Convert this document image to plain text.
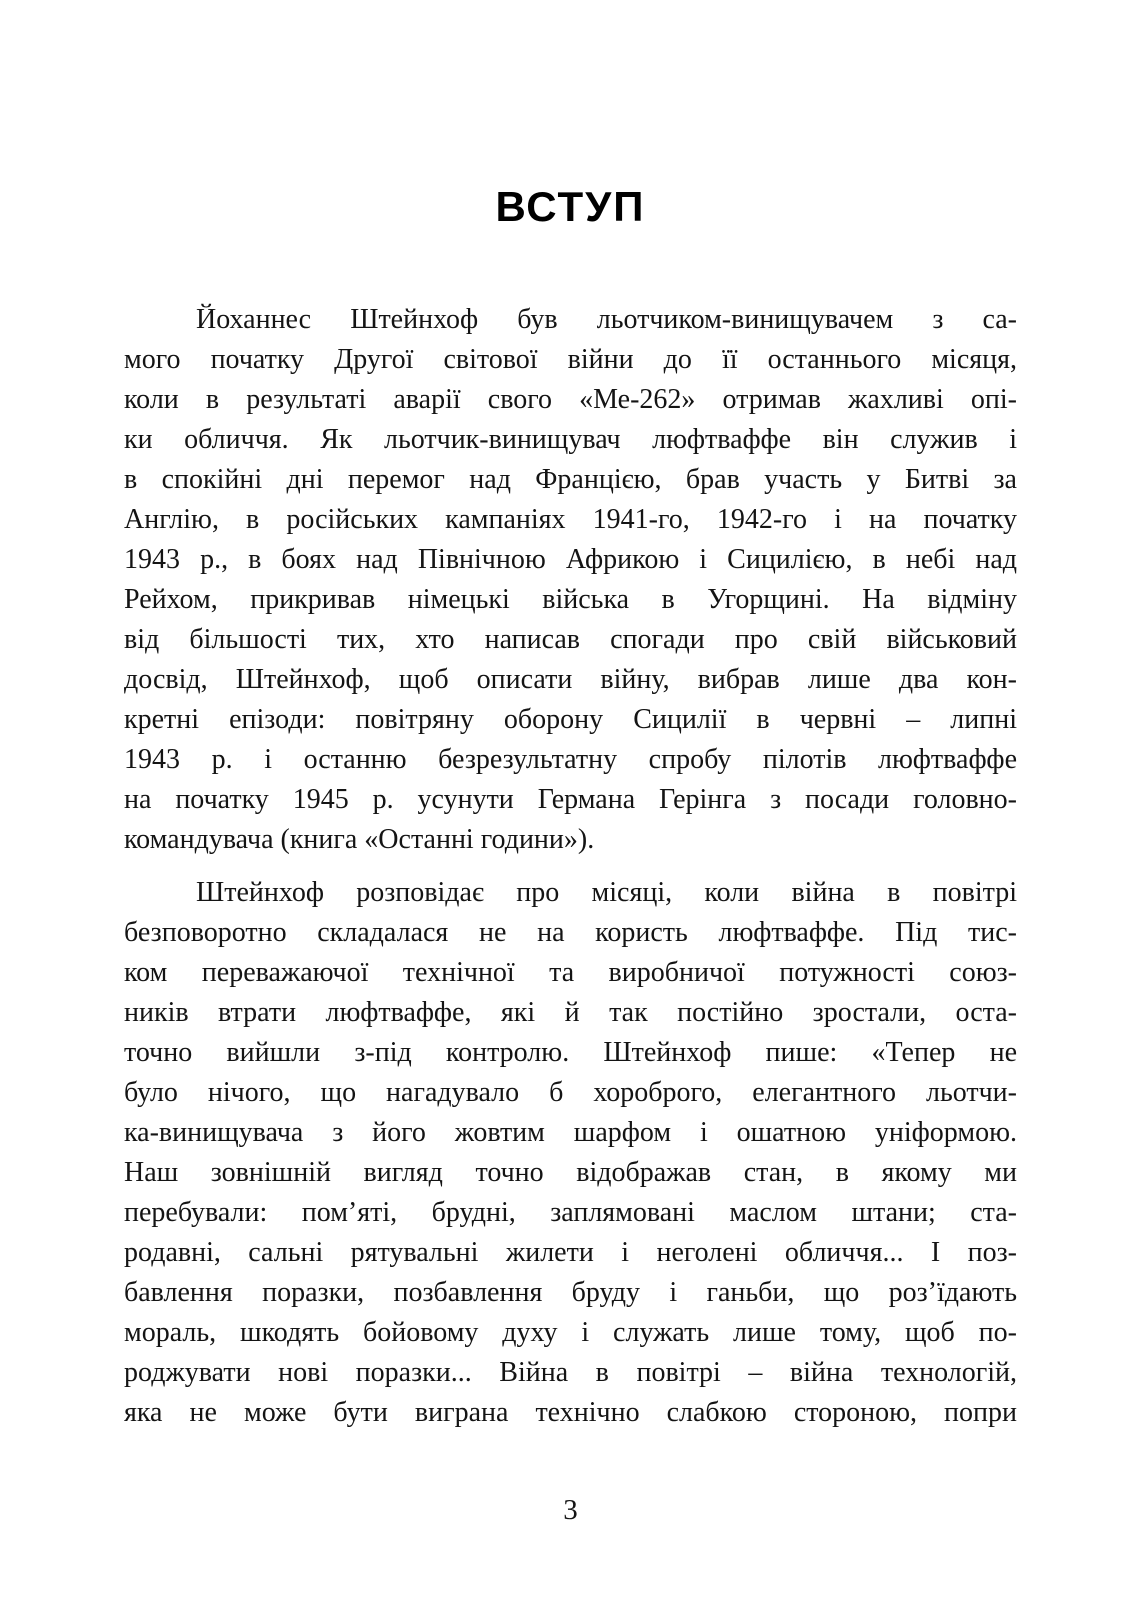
ВСТУП
Йоханнес Штейнхоф був льотчиком-винищувачем з са-
мого початку Другої світової війни до її останнього місяця,
коли в результаті аварії свого «Ме-262» отримав жахливі опі-
ки обличчя. Як льотчик-винищувач люфтваффе він служив і
в спокійні дні перемог над Францією, брав участь у Битві за
Англію, в російських кампаніях 1941-го, 1942-го і на початку
1943 р., в боях над Північною Африкою і Сицилією, в небі над
Рейхом, прикривав німецькі війська в Угорщині. На відміну
від більшості тих, хто написав спогади про свій військовий
досвід, Штейнхоф, щоб описати війну, вибрав лише два кон-
кретні епізоди: повітряну оборону Сицилії в червні – липні
1943 р. і останню безрезультатну спробу пілотів люфтваффе
на початку 1945 р. усунути Германа Герінга з посади головно-
командувача (книга «Останні години»).
Штейнхоф розповідає про місяці, коли війна в повітрі
безповоротно складалася не на користь люфтваффе. Під тис-
ком переважаючої технічної та виробничої потужності союз-
ників втрати люфтваффе, які й так постійно зростали, оста-
точно вийшли з-під контролю. Штейнхоф пише: «Тепер не
було нічого, що нагадувало б хороброго, елегантного льотчи-
ка-винищувача з його жовтим шарфом і ошатною уніформою.
Наш зовнішній вигляд точно відображав стан, в якому ми
перебували: пом’яті, брудні, заплямовані маслом штани; ста-
родавні, сальні рятувальні жилети і неголені обличчя... І поз-
бавлення поразки, позбавлення бруду і ганьби, що роз’їдають
мораль, шкодять бойовому духу і служать лише тому, щоб по-
роджувати нові поразки... Війна в повітрі – війна технологій,
яка не може бути виграна технічно слабкою стороною, попри
3
